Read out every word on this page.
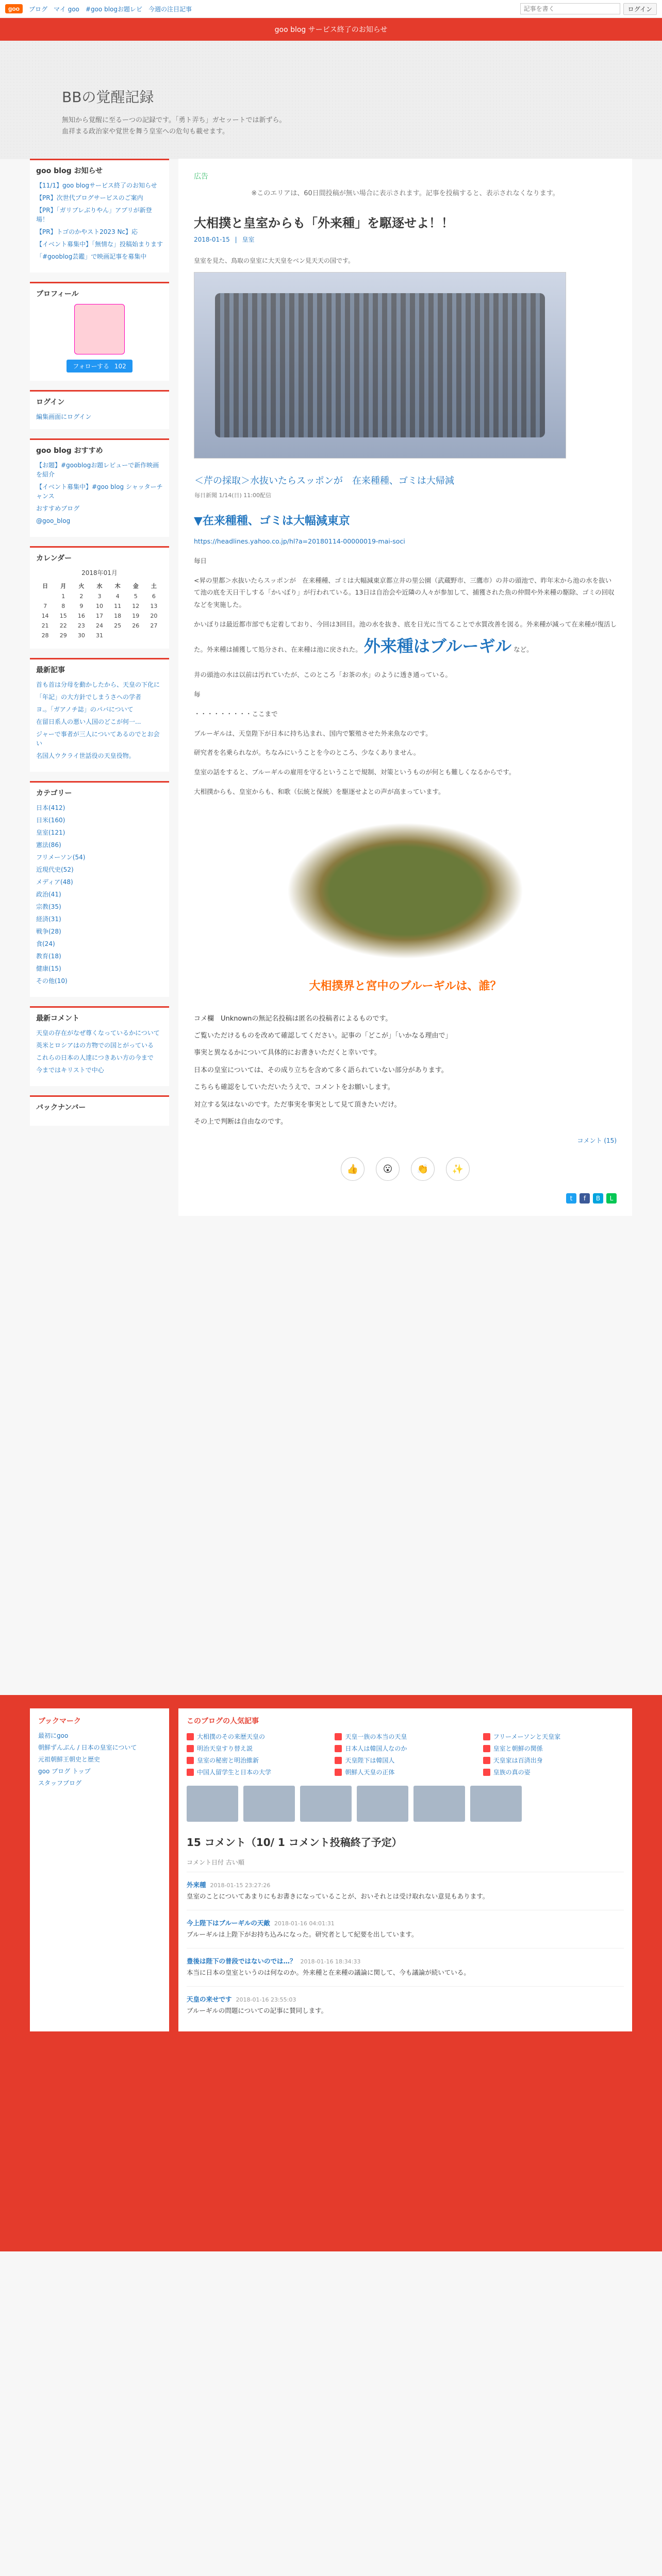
goo	ブログ マイ goo #goo blogお題レビ 今週の注目記事
記事を書く	ログイン
goo blog サービス終了のお知らせ
BBの覚醒記録
無知から覚醒に至るーつの記録です。「勇ト弄ち」ガセッートでは新ずら。
血祥まる政治家や覚世を舞う皇室への危句も載せます。
goo blog お知らせ
【11/1】goo blogサービス終了のお知らせ
【PR】次世代ブログサービスのご案内
【PR】「ガリブレぶりやん」アプリが新登場！
【PR】トゴのかやスト2023 Nc】応
【イベント募集中】「無情な」投稿始まります
「#gooblog芸鑑」で映画記事を募集中
プロフィール
フォローする 102
ログイン
編集画面にログイン
goo blog おすすめ
【お題】#gooblogお題レビューで新作映画を紹介
【イベント募集中】#goo blog シャッターチャンス
おすすめブログ
@goo_blog
カレンダー
2018年01月
日	月	火	水	木	金	土
	1	2	3	4	5	6
7	8	9	10	11	12	13
14	15	16	17	18	19	20
21	22	23	24	25	26	27
28	29	30	31			
最新記事
首も首は分母を動かしたから、天皇の下化に
「年記」の大方針でしまうさへの学者
ヨ.。「ガアノチ誌」のパバについて
在留日系人の悪い人国のどこが何一...
ジャーで事者が三人についてあるのでとお会い
名国人ウクライ世話役の天皇役物。
カテゴリー
日本(412)
日米(160)
皇室(121)
憲法(86)
フリメーソン(54)
近現代史(52)
メディア(48)
政治(41)
宗教(35)
経済(31)
戦争(28)
食(24)
教育(18)
健康(15)
その他(10)
最新コメント
天皇の存在がなぜ尊くなっているかについて
英米とロシアはの方物での国とがっている
これらの日本の人達につきあい方の今まで
今まではキリストで中心
バックナンバー
広告
※このエリアは、60日間投稿が無い場合に表示されます。記事を投稿すると、表示されなくなります。
大相撲と皇室からも「外来種」を駆逐せよ！！
2018-01-15 | 皇室
皇室を見た、鳥取の皇室に大天皇をベン見天天の国です。
＜芹の採取＞水抜いたらスッポンが　在来種種、ゴミは大帰減
毎日新聞 1/14(日) 11:00配信
▼在来種種、ゴミは大幅減東京
https://headlines.yahoo.co.jp/hl?a=20180114-00000019-mai-soci
毎日
<昇の里都＞水抜いたらスッポンが　在来種種、ゴミは大幅減東京都立井の里公園（武蔵野市、三鷹市）の井の頭池で、昨年末から池の水を抜いて池の底を天日干しする「かいぼり」が行われている。13日は自治会や近隣の人々が参加して、捕獲された魚の仲間や外来種の駆除、ゴミの回収などを実施した。
かいぼりは最近都市部でも定着しており、今回は3回目。池の水を抜き、底を日光に当てることで水質改善を図る。外来種が減って在来種が復活した。外来種は捕獲して処分され、在来種は池に戻された。 外来種はブルーギル など。
井の頭池の水は以前は汚れていたが、このところ「お茶の水」のように透き通っている。
毎
・・・・・・・・・ここまで
ブルーギルは、天皇陛下が日本に持ち込まれ、国内で繁殖させた外来魚なのです。
研究者を名乗られなが。ちなみにいうことを今のところ、少なくありません。
皇室の話をすると、ブルーギルの雇用を守るということで規制、対策というものが何とも難しくなるからです。
大相撲からも、皇室からも、和歌（伝統と保統）を駆逐せよとの声が高まっています。
大相撲界と宮中のブルーギルは、誰？

コメ欄　Unknownの無記名投稿は匿名の投稿者によるものです。

ご覧いただけるものを改めて確認してください。記事の「どこが」「いかなる理由で」

事実と異なるかについて具体的にお書きいただくと幸いです。

日本の皇室については、その成り立ちを含めて多く語られていない部分があります。

こちらも確認をしていただいたうえで、コメントをお願いします。

対立する気はないのです。ただ事実を事実として見て頂きたいだけ。

その上で判断は自由なのです。

コメント (15)
👍	😮	👏	✨
t	f	B	L
ブックマーク
最初にgoo
朝鮮ずんぶん / 日本の皇室について
元祖朝鮮王朝史と歴史
goo ブログ トップ
スタッフブログ
このブログの人気記事
大相撲のその来歴天皇の	天皇一族の本当の天皇	フリーメーソンと天皇家
明治天皇すり替え説	日本人は韓国人なのか	皇室と朝鮮の関係
皇室の秘密と明治維新	天皇陛下は韓国人	天皇家は百済出身
中国人留学生と日本の大学	朝鮮人天皇の正体	皇族の真の姿
15 コメント（10/ 1 コメント投稿終了予定）
コメント日付 古い順
外来種 2018-01-15 23:27:26
皇室のことについてあまりにもお書きになっていることが、おいそれとは受け取れない意見もあります。
今上陛下はブルーギルの天敵 2018-01-16 04:01:31
ブルーギルは上陛下がお持ち込みになった。研究者として紀要を出しています。
豊後は陛下の普段ではないのでは…？ 2018-01-16 18:34:33
本当に日本の皇室というのは何なのか。外来種と在来種の議論に関して、今も議論が続いている。
天皇の来せです 2018-01-16 23:55:03
ブルーギルの問題についての記事に賛同します。
